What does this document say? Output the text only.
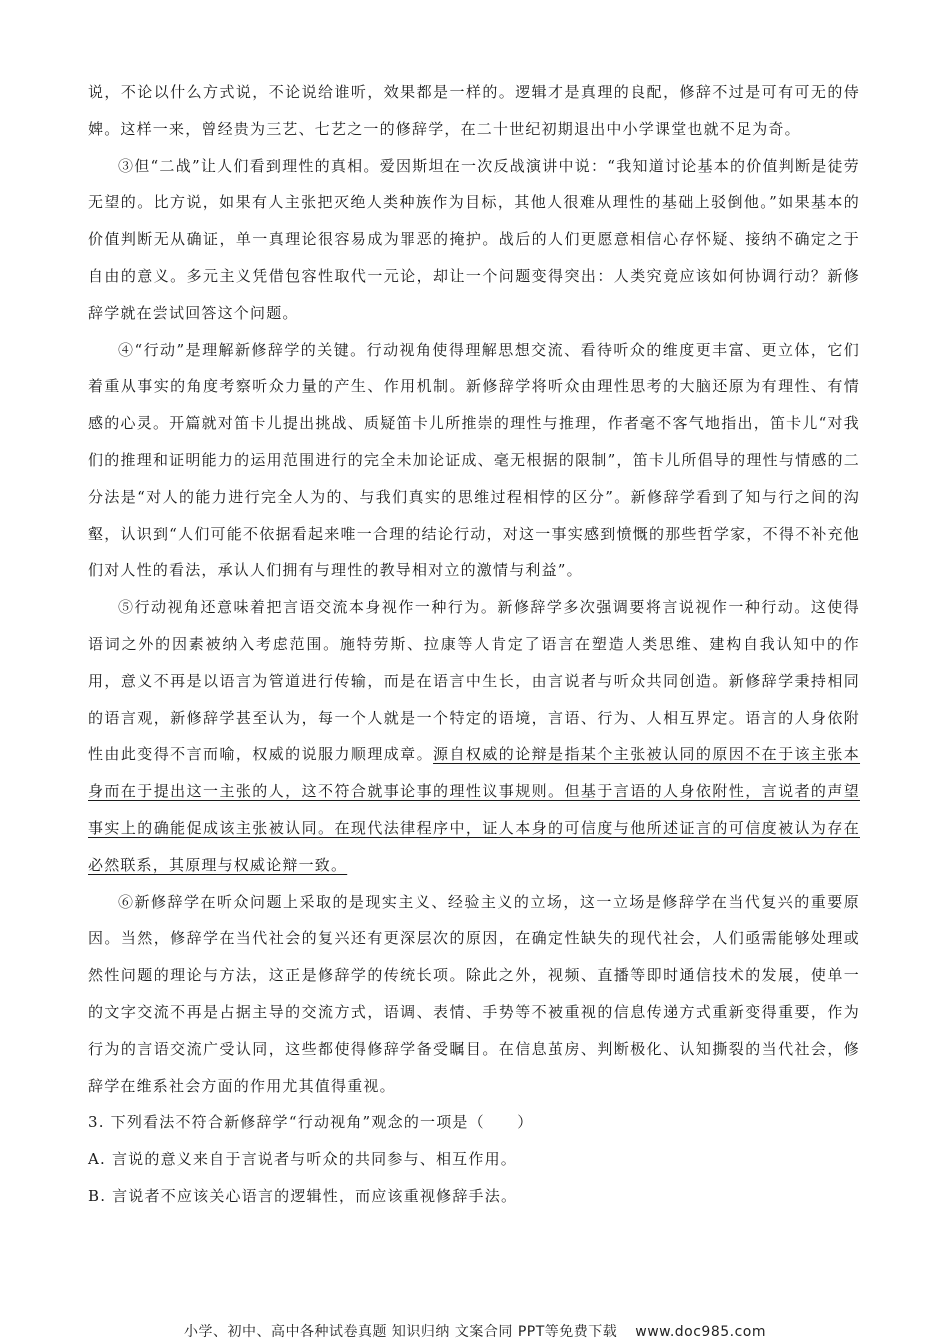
说，不论以什么方式说，不论说给谁听，效果都是一样的。逻辑才是真理的良配，修辞不过是可有可无的侍婢。这样一来，曾经贵为三艺、七艺之一的修辞学，在二十世纪初期退出中小学课堂也就不足为奇。

③但“二战”让人们看到理性的真相。爱因斯坦在一次反战演讲中说：“我知道讨论基本的价值判断是徒劳无望的。比方说，如果有人主张把灭绝人类种族作为目标，其他人很难从理性的基础上驳倒他。”如果基本的价值判断无从确证，单一真理论很容易成为罪恶的掩护。战后的人们更愿意相信心存怀疑、接纳不确定之于自由的意义。多元主义凭借包容性取代一元论，却让一个问题变得突出：人类究竟应该如何协调行动？新修辞学就在尝试回答这个问题。

④“行动”是理解新修辞学的关键。行动视角使得理解思想交流、看待听众的维度更丰富、更立体，它们着重从事实的角度考察听众力量的产生、作用机制。新修辞学将听众由理性思考的大脑还原为有理性、有情感的心灵。开篇就对笛卡儿提出挑战、质疑笛卡儿所推崇的理性与推理，作者毫不客气地指出，笛卡儿“对我们的推理和证明能力的运用范围进行的完全未加论证成、毫无根据的限制”，笛卡儿所倡导的理性与情感的二分法是“对人的能力进行完全人为的、与我们真实的思维过程相悖的区分”。新修辞学看到了知与行之间的沟壑，认识到“人们可能不依据看起来唯一合理的结论行动，对这一事实感到愤慨的那些哲学家，不得不补充他们对人性的看法，承认人们拥有与理性的教导相对立的激情与利益”。

⑤行动视角还意味着把言语交流本身视作一种行为。新修辞学多次强调要将言说视作一种行动。这使得语词之外的因素被纳入考虑范围。施特劳斯、拉康等人肯定了语言在塑造人类思维、建构自我认知中的作用，意义不再是以语言为管道进行传输，而是在语言中生长，由言说者与听众共同创造。新修辞学秉持相同的语言观，新修辞学甚至认为，每一个人就是一个特定的语境，言语、行为、人相互界定。语言的人身依附性由此变得不言而喻，权威的说服力顺理成章。源自权威的论辩是指某个主张被认同的原因不在于该主张本身而在于提出这一主张的人，这不符合就事论事的理性议事规则。但基于言语的人身依附性，言说者的声望事实上的确能促成该主张被认同。在现代法律程序中，证人本身的可信度与他所述证言的可信度被认为存在必然联系，其原理与权威论辩一致。

⑥新修辞学在听众问题上采取的是现实主义、经验主义的立场，这一立场是修辞学在当代复兴的重要原因。当然，修辞学在当代社会的复兴还有更深层次的原因，在确定性缺失的现代社会，人们亟需能够处理或然性问题的理论与方法，这正是修辞学的传统长项。除此之外，视频、直播等即时通信技术的发展，使单一的文字交流不再是占据主导的交流方式，语调、表情、手势等不被重视的信息传递方式重新变得重要，作为行为的言语交流广受认同，这些都使得修辞学备受瞩目。在信息茧房、判断极化、认知撕裂的当代社会，修辞学在维系社会方面的作用尤其值得重视。

3. 下列看法不符合新修辞学“行动视角”观念的一项是（　　）

A. 言说的意义来自于言说者与听众的共同参与、相互作用。

B. 言说者不应该关心语言的逻辑性，而应该重视修辞手法。

小学、初中、高中各种试卷真题 知识归纳 文案合同 PPT等免费下载 www.doc985.com
